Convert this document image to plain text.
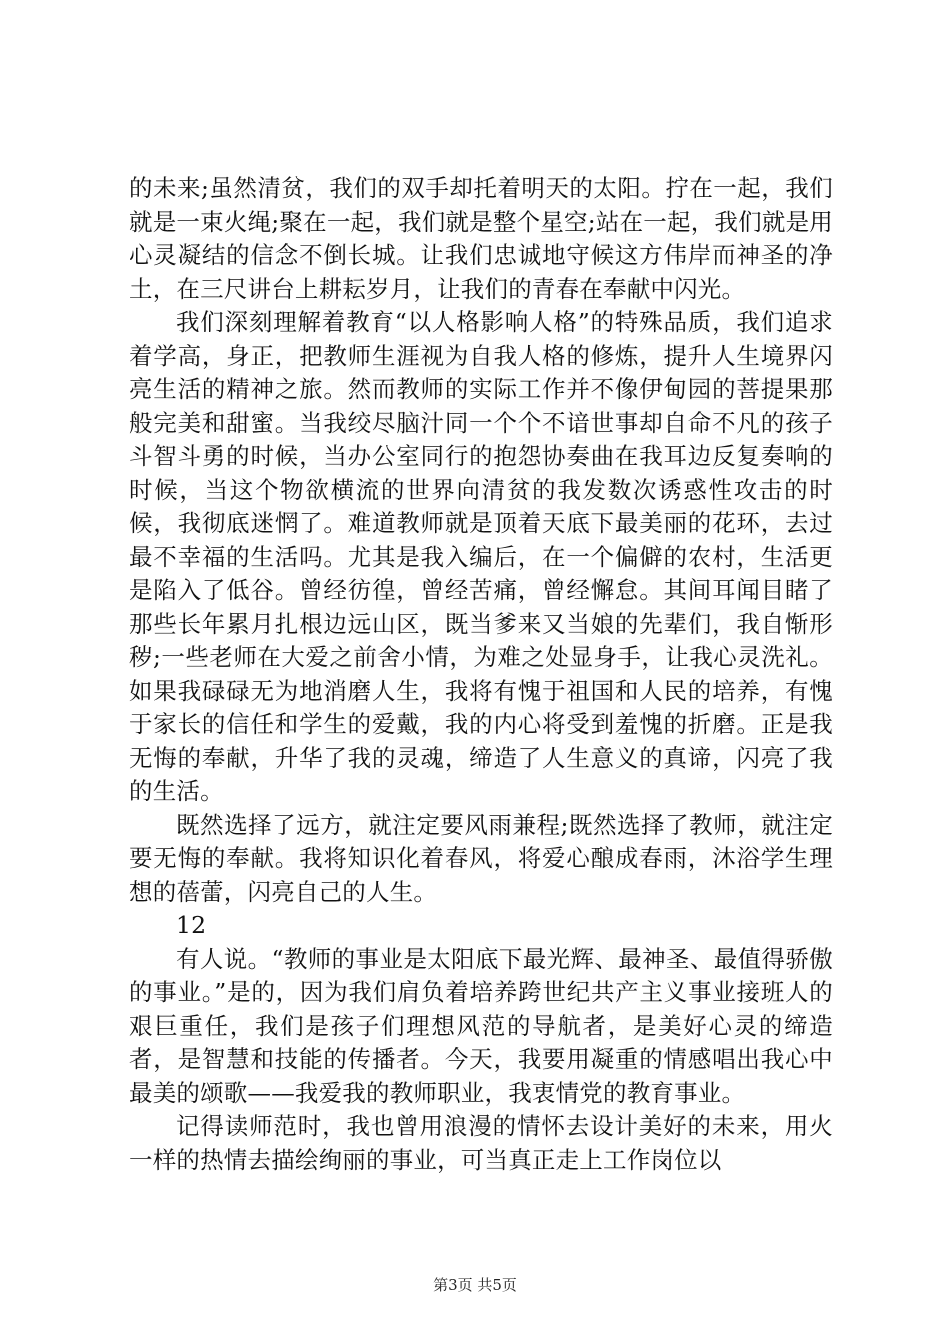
的未来;虽然清贫，我们的双手却托着明天的太阳。拧在一起，我们就是一束火绳;聚在一起，我们就是整个星空;站在一起，我们就是用心灵凝结的信念不倒长城。让我们忠诚地守候这方伟岸而神圣的净土，在三尺讲台上耕耘岁月，让我们的青春在奉献中闪光。

我们深刻理解着教育“以人格影响人格”的特殊品质，我们追求着学高，身正，把教师生涯视为自我人格的修炼，提升人生境界闪亮生活的精神之旅。然而教师的实际工作并不像伊甸园的菩提果那般完美和甜蜜。当我绞尽脑汁同一个个不谙世事却自命不凡的孩子斗智斗勇的时候，当办公室同行的抱怨协奏曲在我耳边反复奏响的时候，当这个物欲横流的世界向清贫的我发数次诱惑性攻击的时候，我彻底迷惘了。难道教师就是顶着天底下最美丽的花环，去过最不幸福的生活吗。尤其是我入编后，在一个偏僻的农村，生活更是陷入了低谷。曾经彷徨，曾经苦痛，曾经懈怠。其间耳闻目睹了那些长年累月扎根边远山区，既当爹来又当娘的先辈们，我自惭形秽;一些老师在大爱之前舍小情，为难之处显身手，让我心灵洗礼。如果我碌碌无为地消磨人生，我将有愧于祖国和人民的培养，有愧于家长的信任和学生的爱戴，我的内心将受到羞愧的折磨。正是我无悔的奉献，升华了我的灵魂，缔造了人生意义的真谛，闪亮了我的生活。

既然选择了远方，就注定要风雨兼程;既然选择了教师，就注定要无悔的奉献。我将知识化着春风，将爱心酿成春雨，沐浴学生理想的蓓蕾，闪亮自己的人生。

12

有人说。“教师的事业是太阳底下最光辉、最神圣、最值得骄傲的事业。”是的，因为我们肩负着培养跨世纪共产主义事业接班人的艰巨重任，我们是孩子们理想风范的导航者，是美好心灵的缔造者，是智慧和技能的传播者。今天，我要用凝重的情感唱出我心中最美的颂歌——我爱我的教师职业，我衷情党的教育事业。

记得读师范时，我也曾用浪漫的情怀去设计美好的未来，用火一样的热情去描绘绚丽的事业，可当真正走上工作岗位以

第3页 共5页
